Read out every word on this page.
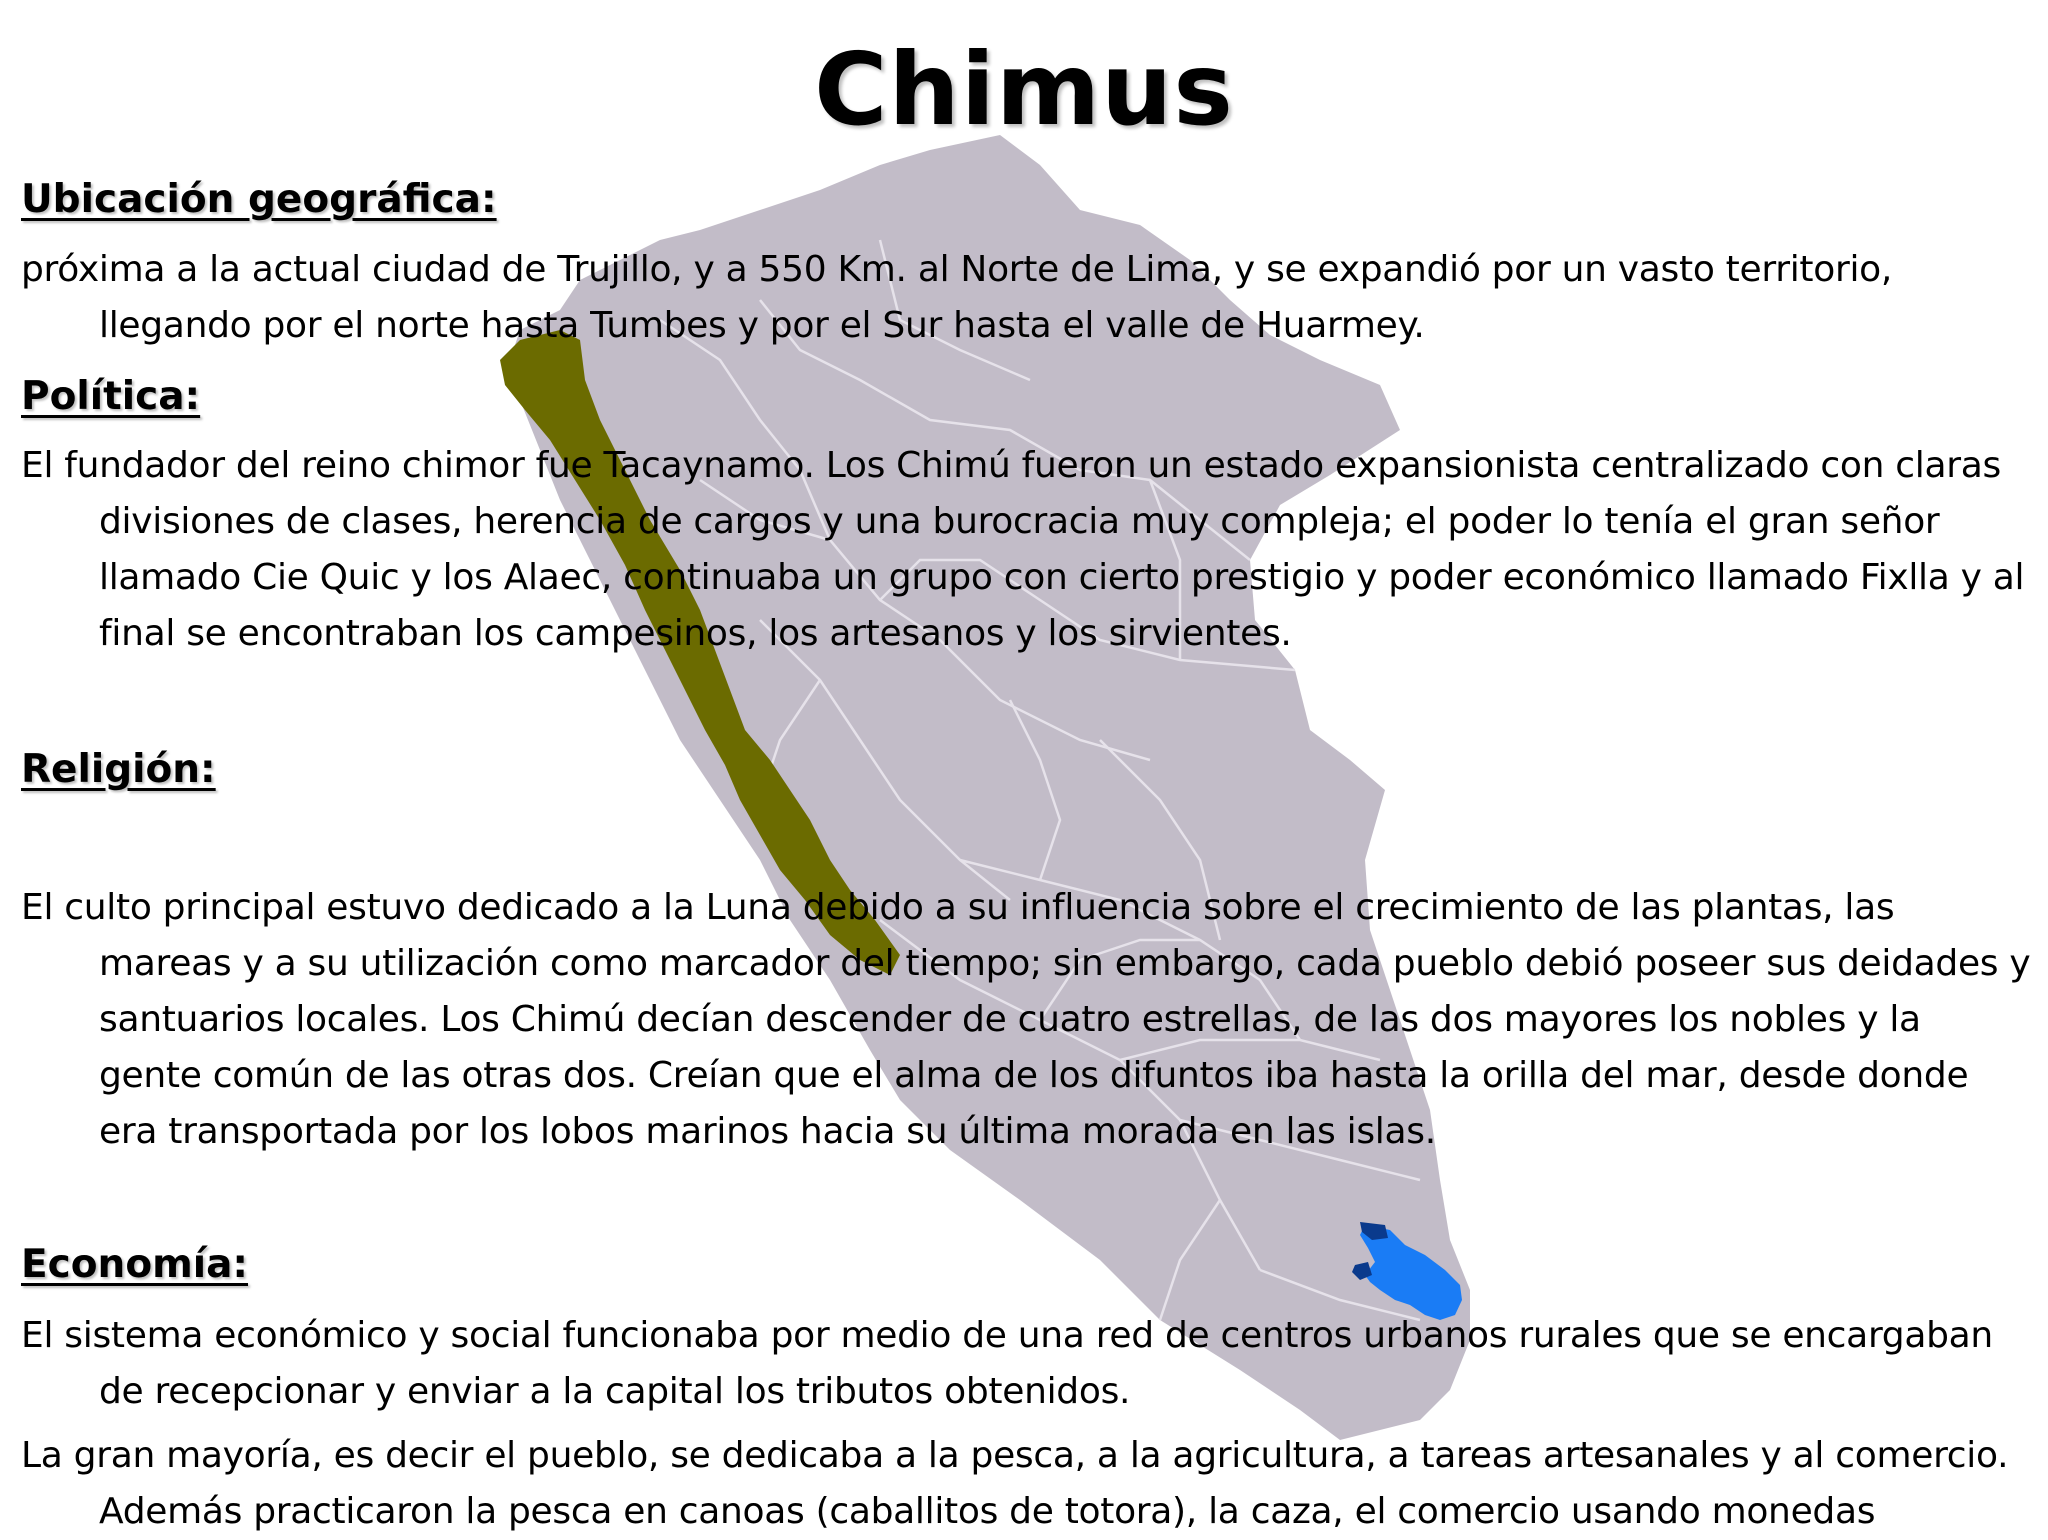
Chimus
Ubicación geográfica:

próxima a la actual ciudad de Trujillo, y a 550 Km. al Norte de Lima, y se expandió por un vasto territorio, llegando por el norte hasta Tumbes y por el Sur hasta el valle de Huarmey.

Política:

El fundador del reino chimor fue Tacaynamo. Los Chimú fueron un estado expansionista centralizado con claras divisiones de clases, herencia de cargos y una burocracia muy compleja; el poder lo tenía el gran señor llamado Cie Quic y los Alaec, continuaba un grupo con cierto prestigio y poder económico llamado Fixlla y al final se encontraban los campesinos, los artesanos y los sirvientes.

Religión:

El culto principal estuvo dedicado a la Luna debido a su influencia sobre el crecimiento de las plantas, las mareas y a su utilización como marcador del tiempo; sin embargo, cada pueblo debió poseer sus deidades y santuarios locales. Los Chimú decían descender de cuatro estrellas, de las dos mayores los nobles y la gente común de las otras dos. Creían que el alma de los difuntos iba hasta la orilla del mar, desde donde era transportada por los lobos marinos hacia su última morada en las islas.

Economía:

El sistema económico y social funcionaba por medio de una red de centros urbanos rurales que se encargaban de recepcionar y enviar a la capital los tributos obtenidos.

La gran mayoría, es decir el pueblo, se dedicaba a la pesca, a la agricultura, a tareas artesanales y al comercio. Además practicaron la pesca en canoas (caballitos de totora), la caza, el comercio usando monedas
